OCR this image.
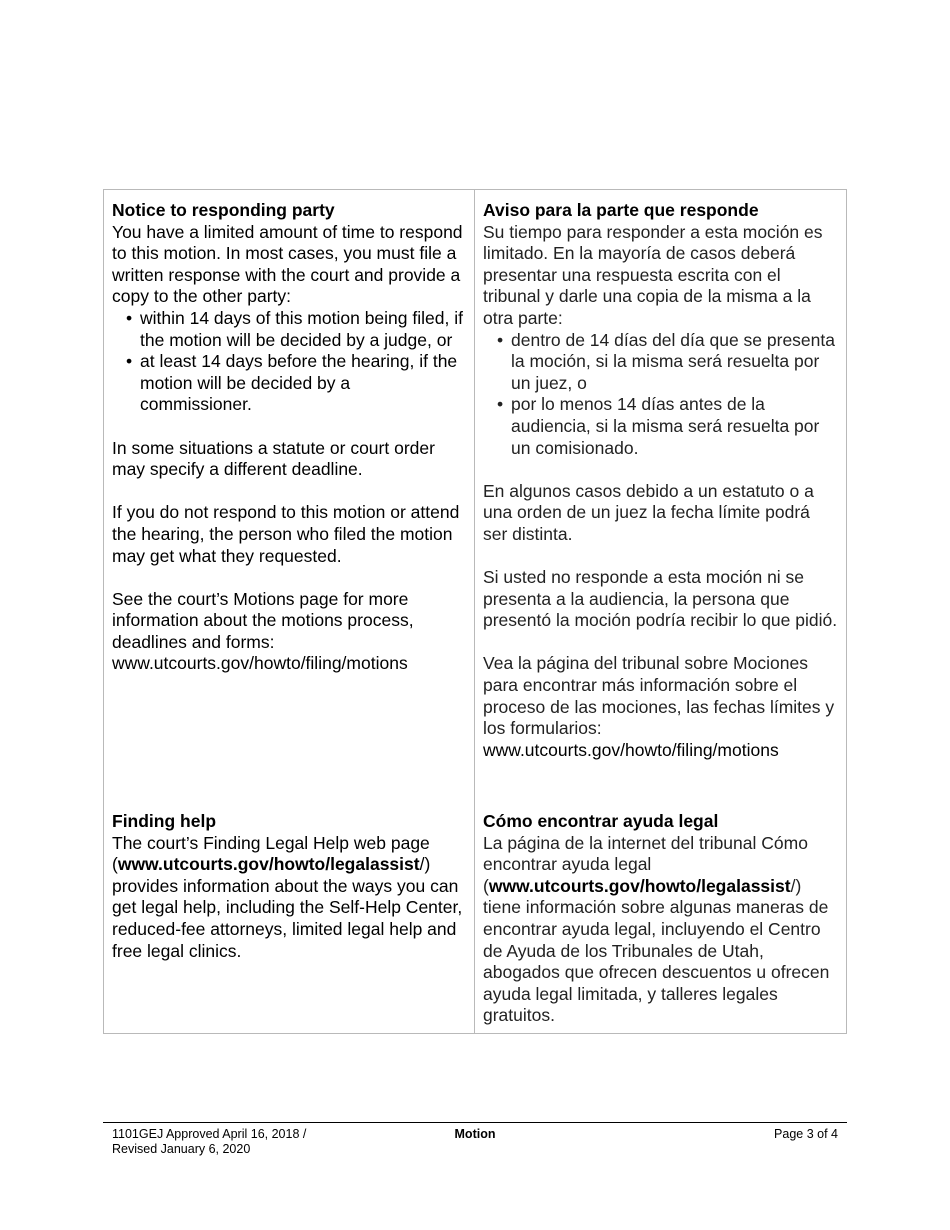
Notice to responding party

You have a limited amount of time to respond to this motion. In most cases, you must file a written response with the court and provide a copy to the other party:

• within 14 days of this motion being filed, if the motion will be decided by a judge, or
• at least 14 days before the hearing, if the motion will be decided by a commissioner.

In some situations a statute or court order may specify a different deadline.

If you do not respond to this motion or attend the hearing, the person who filed the motion may get what they requested.

See the court’s Motions page for more information about the motions process, deadlines and forms:

www.utcourts.gov/howto/filing/motions

Finding help

The court’s Finding Legal Help web page (www.utcourts.gov/howto/legalassist/) provides information about the ways you can get legal help, including the Self-Help Center, reduced-fee attorneys, limited legal help and free legal clinics.

Aviso para la parte que responde

Su tiempo para responder a esta moción es limitado. En la mayoría de casos deberá presentar una respuesta escrita con el tribunal y darle una copia de la misma a la otra parte:

• dentro de 14 días del día que se presenta la moción, si la misma será resuelta por un juez, o
• por lo menos 14 días antes de la audiencia, si la misma será resuelta por un comisionado.

En algunos casos debido a un estatuto o a una orden de un juez la fecha límite podrá ser distinta.

Si usted no responde a esta moción ni se presenta a la audiencia, la persona que presentó la moción podría recibir lo que pidió.

Vea la página del tribunal sobre Mociones para encontrar más información sobre el proceso de las mociones, las fechas límites y los formularios:

www.utcourts.gov/howto/filing/motions

Cómo encontrar ayuda legal

La página de la internet del tribunal Cómo encontrar ayuda legal (www.utcourts.gov/howto/legalassist/) tiene información sobre algunas maneras de encontrar ayuda legal, incluyendo el Centro de Ayuda de los Tribunales de Utah, abogados que ofrecen descuentos u ofrecen ayuda legal limitada, y talleres legales gratuitos.

1101GEJ Approved April 16, 2018 /
Revised January 6, 2020
Motion	Page 3 of 4
